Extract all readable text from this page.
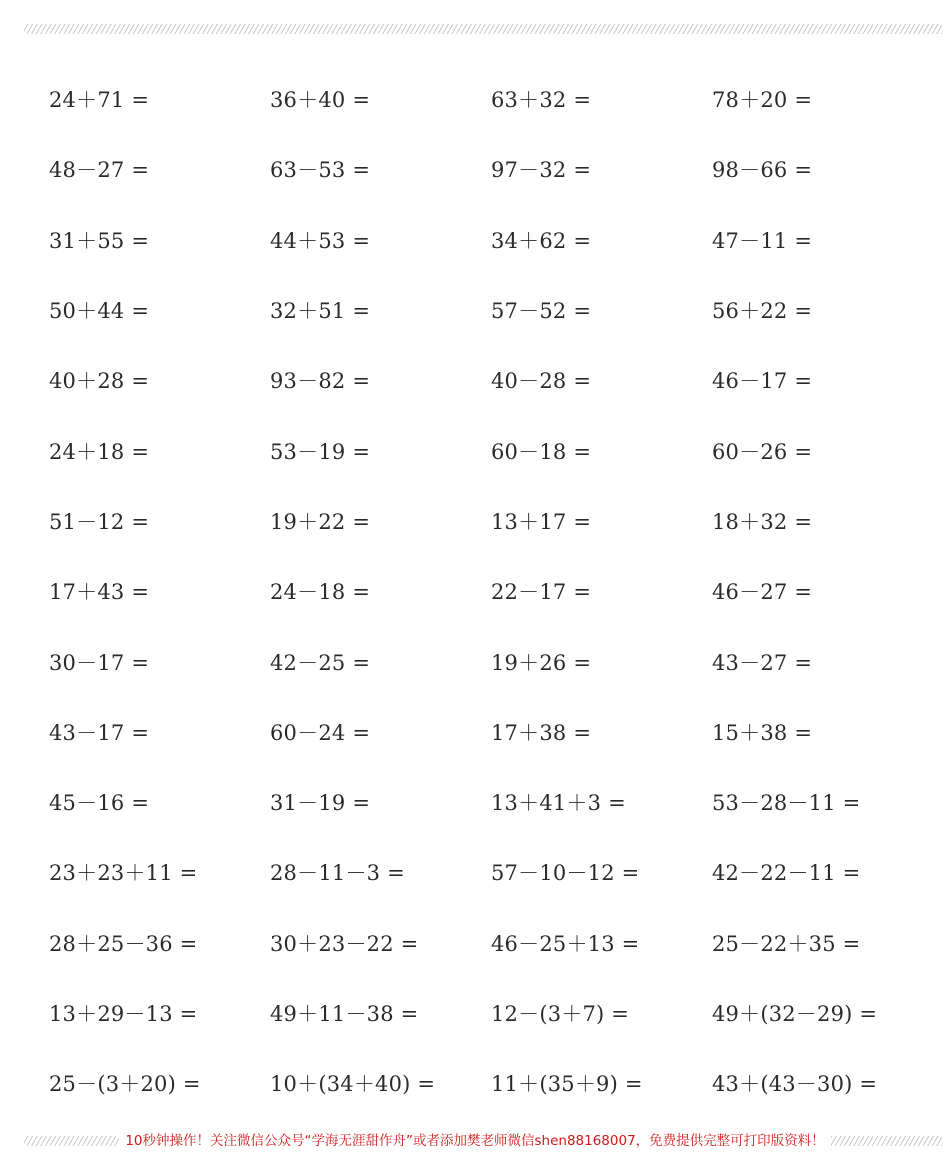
24＋71 =	36＋40 =	63＋32 =	78＋20 =
48－27 =	63－53 =	97－32 =	98－66 =
31＋55 =	44＋53 =	34＋62 =	47－11 =
50＋44 =	32＋51 =	57－52 =	56＋22 =
40＋28 =	93－82 =	40－28 =	46－17 =
24＋18 =	53－19 =	60－18 =	60－26 =
51－12 =	19＋22 =	13＋17 =	18＋32 =
17＋43 =	24－18 =	22－17 =	46－27 =
30－17 =	42－25 =	19＋26 =	43－27 =
43－17 =	60－24 =	17＋38 =	15＋38 =
45－16 =	31－19 =	13＋41＋3 =	53－28－11 =
23＋23＋11 =	28－11－3 =	57－10－12 =	42－22－11 =
28＋25－36 =	30＋23－22 =	46－25＋13 =	25－22＋35 =
13＋29－13 =	49＋11－38 =	12－(3＋7) =	49＋(32－29) =
25－(3＋20) =	10＋(34＋40) =	11＋(35＋9) =	43＋(43－30) =
10秒钟操作！关注微信公众号“学海无涯甜作舟”或者添加樊老师微信shen88168007，免费提供完整可打印版资料！
